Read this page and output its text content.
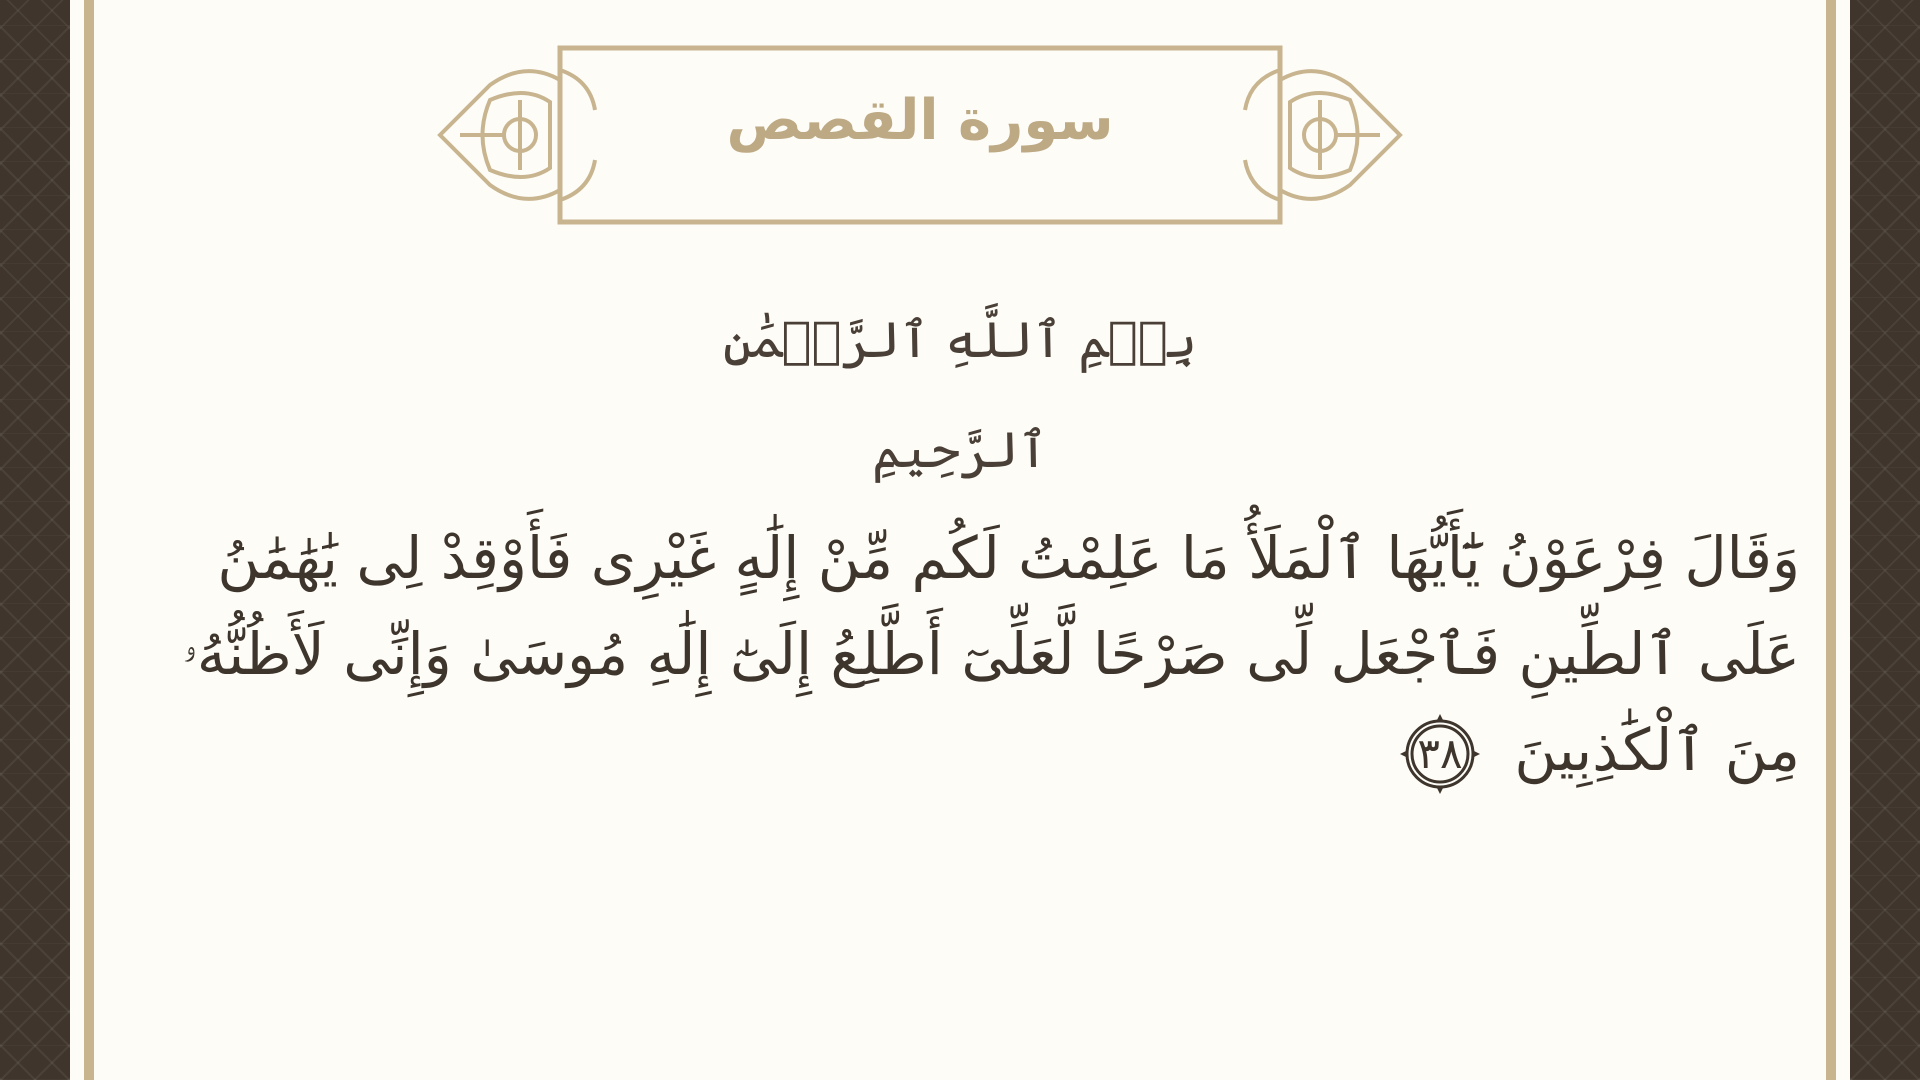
سورة القصص
بِسۡمِ ٱللَّهِ ٱلرَّحۡمَٰنِ ٱلرَّحِيمِ
وَقَالَ فِرْعَوْنُ يَٰٓأَيُّهَا ٱلْمَلَأُ مَا عَلِمْتُ لَكُم مِّنْ إِلَٰهٍ غَيْرِى فَأَوْقِدْ لِى يَٰهَٰمَٰنُ عَلَى ٱلطِّينِ فَٱجْعَل لِّى صَرْحًا لَّعَلِّىٓ أَطَّلِعُ إِلَىٰٓ إِلَٰهِ مُوسَىٰ وَإِنِّى لَأَظُنُّهُۥ مِنَ ٱلْكَٰذِبِينَ
٣٨
